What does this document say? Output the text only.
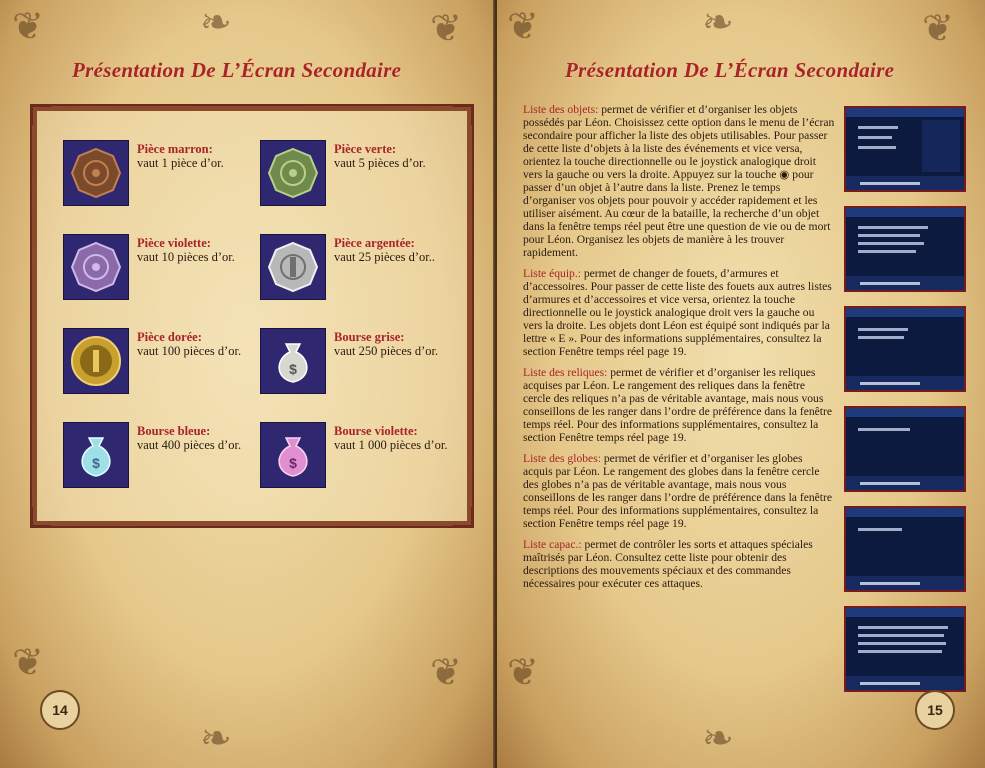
❦	❧	❦
❦
❧
❦
Présentation De L’Écran Secondaire
Pièce marron:
vaut 1 pièce d’or.
Pièce verte:
vaut 5 pièces d’or.
Pièce violette:
vaut 10 pièces d’or.
Pièce argentée:
vaut 25 pièces d’or..
Pièce dorée:
vaut 100 pièces d’or.
$
Bourse grise:
vaut 250 pièces d’or.
$
Bourse bleue:
vaut 400 pièces d’or.
$
Bourse violette:
vaut 1 000 pièces d’or.
14
❦	❧	❦
❦
❧
Présentation De L’Écran Secondaire
Liste des objets: permet de vérifier et d’organiser les objets possédés par Léon. Choisissez cette option dans le menu de l’écran secondaire pour afficher la liste des objets utilisables. Pour passer de cette liste d’objets à la liste des événements et vice versa, orientez la touche directionnelle ou le joystick analogique droit vers la gauche ou vers la droite. Appuyez sur la touche ◉ pour passer d’un objet à l’autre dans la liste. Prenez le temps d’organiser vos objets pour pouvoir y accéder rapidement et les utiliser aisément. Au cœur de la bataille, la recherche d’un objet dans la fenêtre temps réel peut être une question de vie ou de mort pour Léon. Organisez les objets de manière à les trouver rapidement.
Liste équip.: permet de changer de fouets, d’armures et d’accessoires. Pour passer de cette liste des fouets aux autres listes d’armures et d’accessoires et vice versa, orientez la touche directionnelle ou le joystick analogique droit vers la gauche ou vers la droite. Les objets dont Léon est équipé sont indiqués par la lettre « E ». Pour des informations supplémentaires, consultez la section Fenêtre temps réel page 19.
Liste des reliques: permet de vérifier et d’organiser les reliques acquises par Léon. Le rangement des reliques dans la fenêtre cercle des reliques n’a pas de véritable avantage, mais nous vous conseillons de les ranger dans l’ordre de préférence dans la fenêtre temps réel. Pour des informations supplémentaires, consultez la section Fenêtre temps réel page 19.
Liste des globes: permet de vérifier et d’organiser les globes acquis par Léon. Le rangement des globes dans la fenêtre cercle des globes n’a pas de véritable avantage, mais nous vous conseillons de les ranger dans l’ordre de préférence dans la fenêtre temps réel. Pour des informations supplémentaires, consultez la section Fenêtre temps réel page 19.
Liste capac.: permet de contrôler les sorts et attaques spéciales maîtrisés par Léon. Consultez cette liste pour obtenir des descriptions des mouvements spéciaux et des commandes nécessaires pour exécuter ces attaques.
15
